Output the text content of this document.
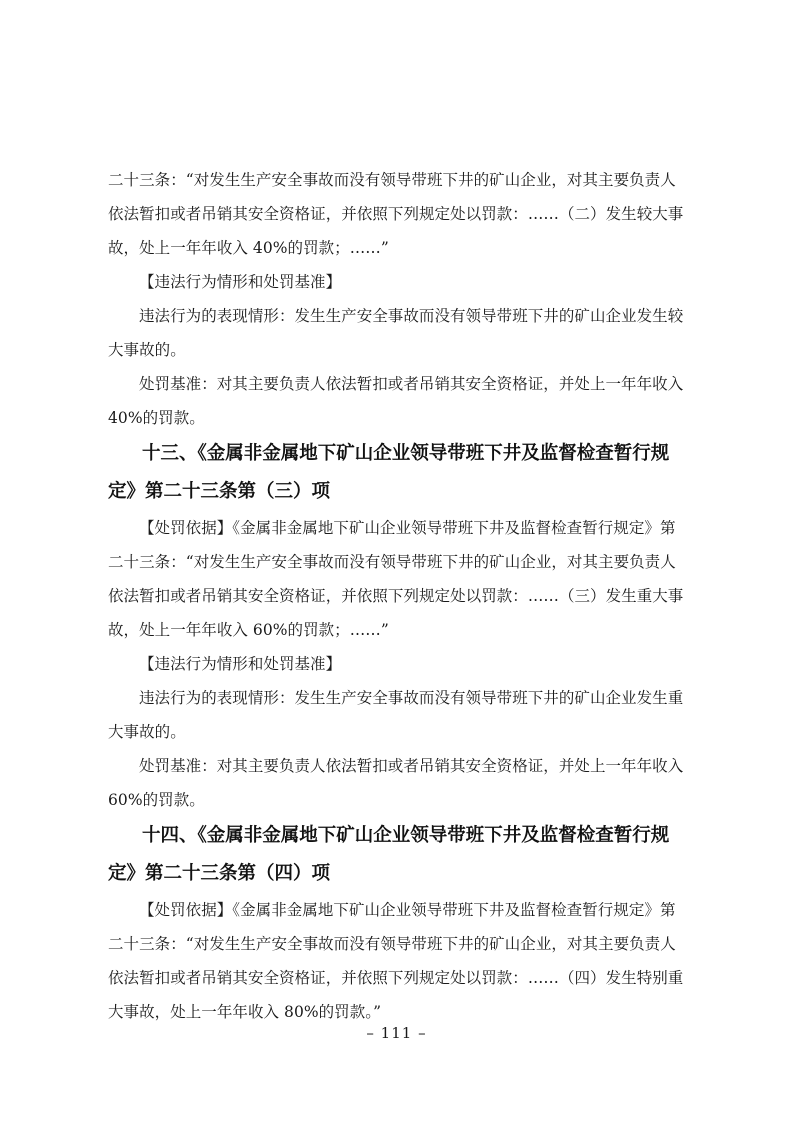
二十三条：“对发生生产安全事故而没有领导带班下井的矿山企业，对其主要负责人
依法暂扣或者吊销其安全资格证，并依照下列规定处以罚款：……（二）发生较大事
故，处上一年年收入 40%的罚款；……”
【违法行为情形和处罚基准】
违法行为的表现情形：发生生产安全事故而没有领导带班下井的矿山企业发生较
大事故的。
处罚基准：对其主要负责人依法暂扣或者吊销其安全资格证，并处上一年年收入
40%的罚款。
十三、《金属非金属地下矿山企业领导带班下井及监督检查暂行规
定》第二十三条第（三）项
【处罚依据】《金属非金属地下矿山企业领导带班下井及监督检查暂行规定》第
二十三条：“对发生生产安全事故而没有领导带班下井的矿山企业，对其主要负责人
依法暂扣或者吊销其安全资格证，并依照下列规定处以罚款：……（三）发生重大事
故，处上一年年收入 60%的罚款；……”
【违法行为情形和处罚基准】
违法行为的表现情形：发生生产安全事故而没有领导带班下井的矿山企业发生重
大事故的。
处罚基准：对其主要负责人依法暂扣或者吊销其安全资格证，并处上一年年收入
60%的罚款。
十四、《金属非金属地下矿山企业领导带班下井及监督检查暂行规
定》第二十三条第（四）项
【处罚依据】《金属非金属地下矿山企业领导带班下井及监督检查暂行规定》第
二十三条：“对发生生产安全事故而没有领导带班下井的矿山企业，对其主要负责人
依法暂扣或者吊销其安全资格证，并依照下列规定处以罚款：……（四）发生特别重
大事故，处上一年年收入 80%的罚款。”
– 111 –
